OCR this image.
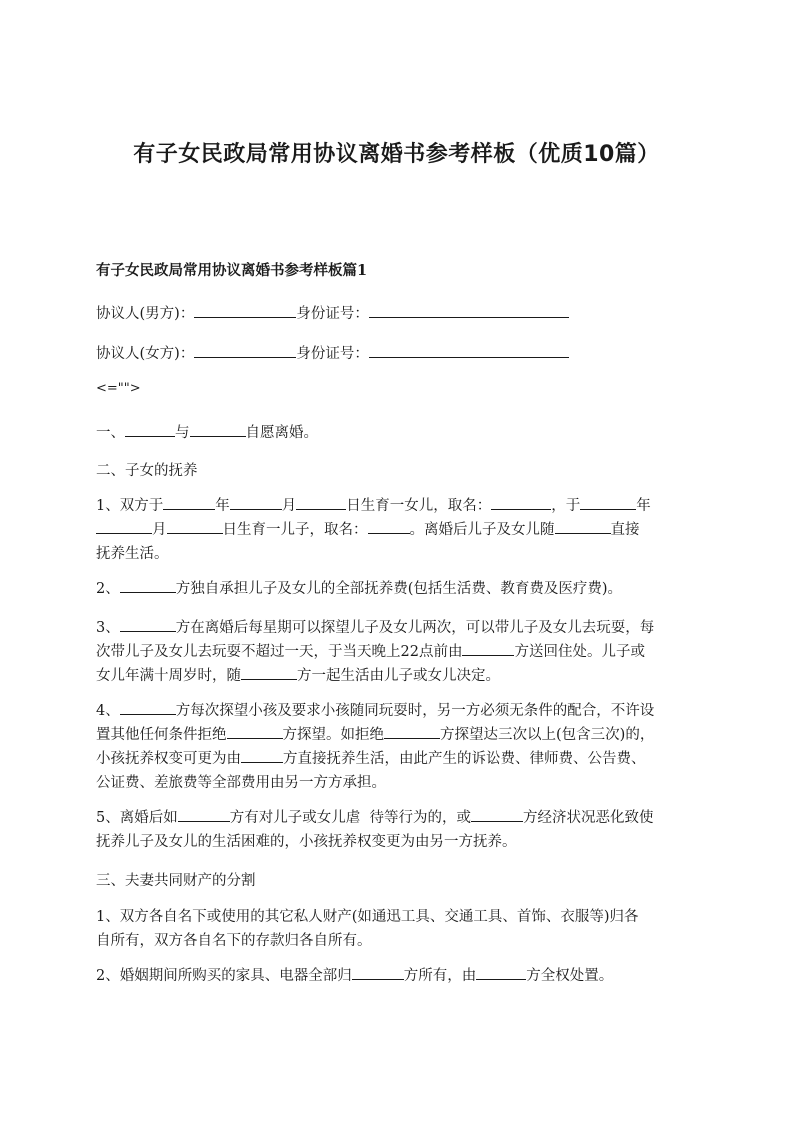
有子女民政局常用协议离婚书参考样板（优质10篇）
有子女民政局常用协议离婚书参考样板篇1
协议人(男方)：	身份证号：
协议人(女方)：	身份证号：
<="">
一、	与	自愿离婚。
二、子女的抚养
1、双方于	年	月	日生育一女儿，取名：	，于	年
月	日生育一儿子，取名：	。离婚后儿子及女儿随	直接
抚养生活。
2、	方独自承担儿子及女儿的全部抚养费(包括生活费、教育费及医疗费)。
3、	方在离婚后每星期可以探望儿子及女儿两次，可以带儿子及女儿去玩耍，每
次带儿子及女儿去玩耍不超过一天，于当天晚上22点前由	方送回住处。儿子或
女儿年满十周岁时，随	方一起生活由儿子或女儿决定。
4、	方每次探望小孩及要求小孩随同玩耍时，另一方必须无条件的配合，不许设
置其他任何条件拒绝	方探望。如拒绝	方探望达三次以上(包含三次)的，
小孩抚养权变可更为由	方直接抚养生活，由此产生的诉讼费、律师费、公告费、
公证费、差旅费等全部费用由另一方方承担。
5、离婚后如	方有对儿子或女儿虐  待等行为的，或	方经济状况恶化致使
抚养儿子及女儿的生活困难的，小孩抚养权变更为由另一方抚养。
三、夫妻共同财产的分割
1、双方各自名下或使用的其它私人财产(如通迅工具、交通工具、首饰、衣服等)归各
自所有，双方各自名下的存款归各自所有。
2、婚姻期间所购买的家具、电器全部归	方所有，由	方全权处置。
